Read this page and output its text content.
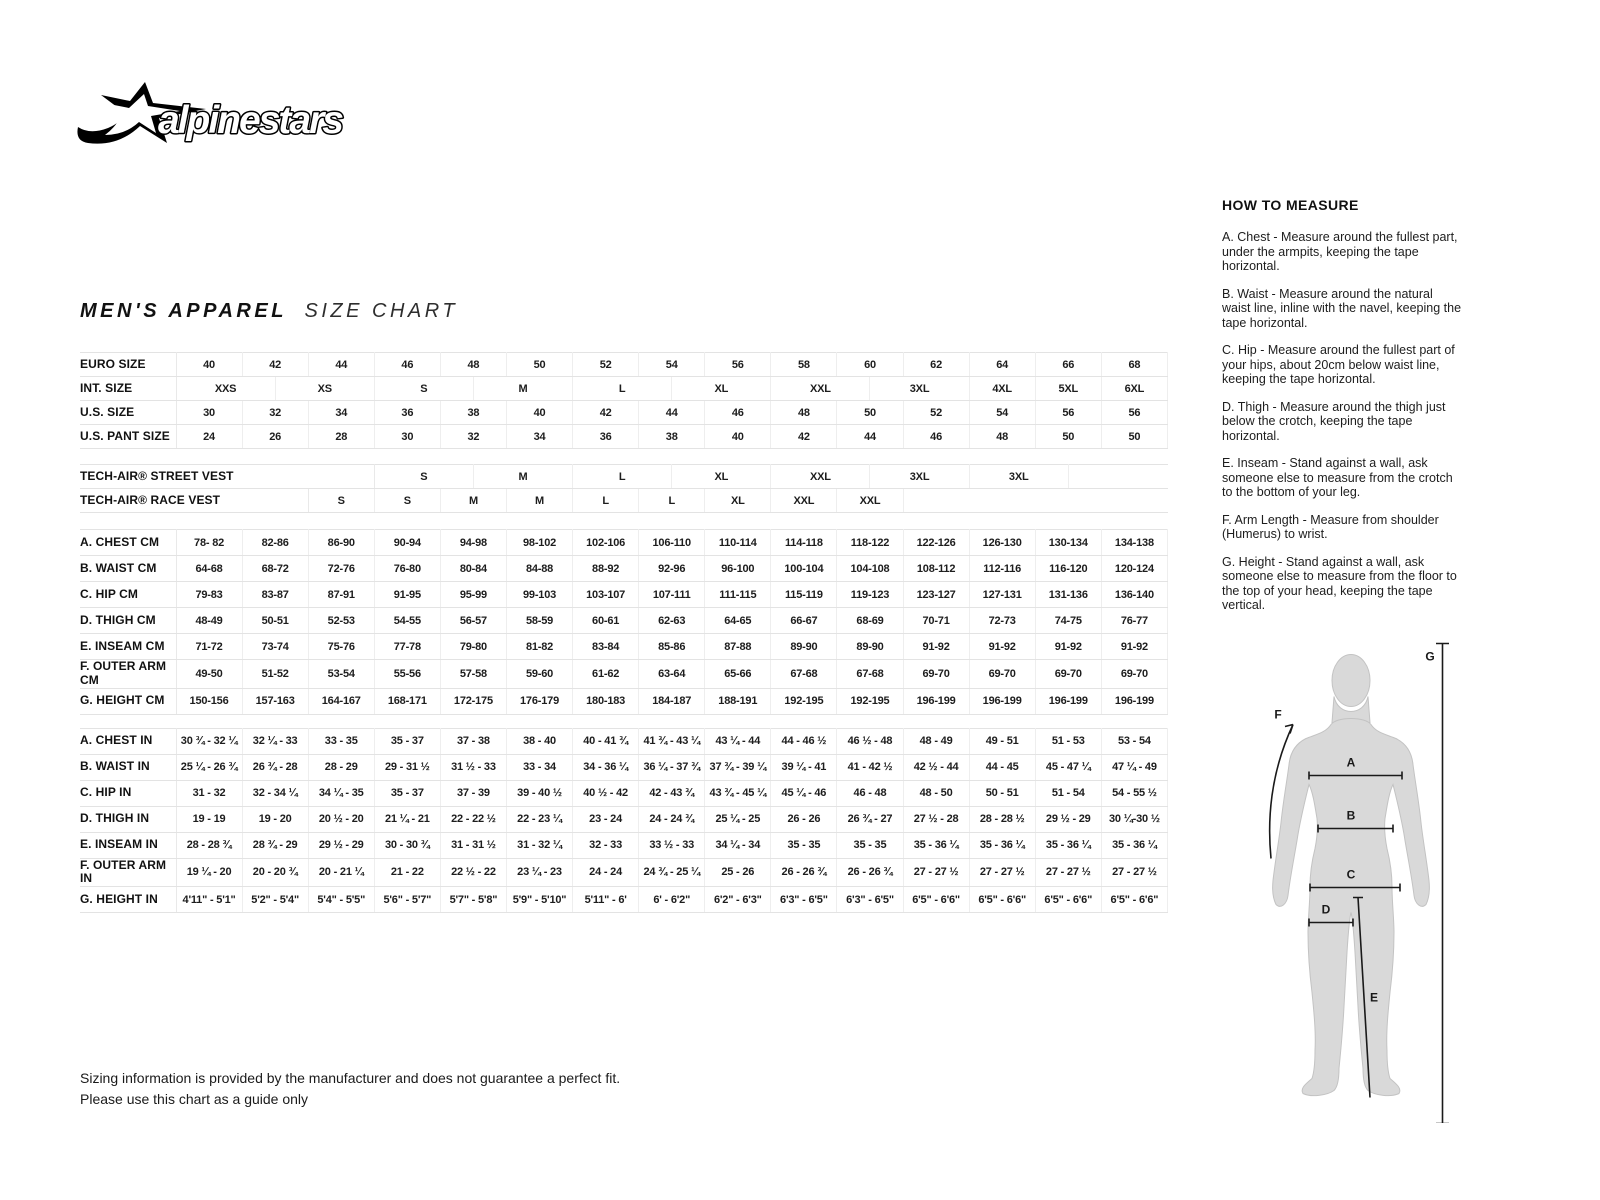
alpinestars
MEN'S APPAREL SIZE CHART
EURO SIZE	40	42		44	46	48		50	52	54		56	58	60		62	64	66		68
INT. SIZE	XXS		XS		S		M		L		XL		XXL		3XL		4XL	5XL		6XL
U.S. SIZE	30	32		34	36	38		40	42	44		46	48	50		52	54	56		56
U.S. PANT SIZE	24	26		28	30	32		34	36	38		40	42	44		46	48	50		50

TECH-AIR® STREET VEST					S		M		L		XL		XXL		3XL		3XL			
TECH-AIR® RACE VEST				S	S	M		M	L	L		XL	XXL	XXL						

A. CHEST CM	78- 82	82-86		86-90	90-94	94-98		98-102	102-106	106-110		110-114	114-118	118-122		122-126	126-130	130-134		134-138
B. WAIST CM	64-68	68-72		72-76	76-80	80-84		84-88	88-92	92-96		96-100	100-104	104-108		108-112	112-116	116-120		120-124
C. HIP CM	79-83	83-87		87-91	91-95	95-99		99-103	103-107	107-111		111-115	115-119	119-123		123-127	127-131	131-136		136-140
D. THIGH CM	48-49	50-51		52-53	54-55	56-57		58-59	60-61	62-63		64-65	66-67	68-69		70-71	72-73	74-75		76-77
E. INSEAM CM	71-72	73-74		75-76	77-78	79-80		81-82	83-84	85-86		87-88	89-90	89-90		91-92	91-92	91-92		91-92
F. OUTER ARM CM	49-50	51-52		53-54	55-56	57-58		59-60	61-62	63-64		65-66	67-68	67-68		69-70	69-70	69-70		69-70
G. HEIGHT CM	150-156	157-163		164-167	168-171	172-175		176-179	180-183	184-187		188-191	192-195	192-195		196-199	196-199	196-199		196-199

A. CHEST IN	30 ¾ - 32 ¼	32 ¼ - 33		33 - 35	35 - 37	37 - 38		38 - 40	40 - 41 ¾	41 ¾ - 43 ¼		43 ¼ - 44	44 - 46 ½	46 ½ - 48		48 - 49	49 - 51	51 - 53		53 - 54
B. WAIST IN	25 ¼ - 26 ¾	26 ¾ - 28		28 - 29	29 - 31 ½	31 ½ - 33		33 - 34	34 - 36 ¼	36 ¼ - 37 ¾		37 ¾ - 39 ¼	39 ¼ - 41	41 - 42 ½		42 ½ - 44	44 - 45	45 - 47 ¼		47 ¼ - 49
C. HIP IN	31 - 32	32 - 34 ¼		34 ¼ - 35	35 - 37	37 - 39		39 - 40 ½	40 ½ - 42	42 - 43 ¾		43 ¾ - 45 ¼	45 ¼ - 46	46 - 48		48 - 50	50 - 51	51 - 54		54 - 55 ½
D. THIGH IN	19 - 19	19 - 20		20 ½ - 20	21 ¼ - 21	22 - 22 ½		22 - 23 ¼	23 - 24	24 - 24 ¾		25 ¼ - 25	26 - 26	26 ¾ - 27		27 ½ - 28	28 - 28 ½	29 ½ - 29		30 ¼-30 ½
E. INSEAM IN	28 - 28 ¾	28 ¾ - 29		29 ½ - 29	30 - 30 ¾	31 - 31 ½		31 - 32 ¼	32 - 33	33 ½ - 33		34 ¼ - 34	35 - 35	35 - 35		35 - 36 ¼	35 - 36 ¼	35 - 36 ¼		35 - 36 ¼
F. OUTER ARM IN	19 ¼ - 20	20 - 20 ¾		20 - 21 ¼	21 - 22	22 ½ - 22		23 ¼ - 23	24 - 24	24 ¾ - 25 ¼		25 - 26	26 - 26 ¾	26 - 26 ¾		27 - 27 ½	27 - 27 ½	27 - 27 ½		27 - 27 ½
G. HEIGHT IN	4'11" - 5'1"	5'2" - 5'4"		5'4" - 5'5"	5'6" - 5'7"	5'7" - 5'8"		5'9" - 5'10"	5'11" - 6'	6' - 6'2"		6'2" - 6'3"	6'3" - 6'5"	6'3" - 6'5"		6'5" - 6'6"	6'5" - 6'6"	6'5" - 6'6"		6'5" - 6'6"
HOW TO MEASURE

A. Chest - Measure around the fullest part, under the armpits, keeping the tape horizontal.

B. Waist - Measure around the natural waist line, inline with the navel, keeping the tape horizontal.

C. Hip - Measure around the fullest part of your hips, about 20cm below waist line, keeping the tape horizontal.

D. Thigh - Measure around the thigh just below the crotch, keeping the tape horizontal.

E. Inseam - Stand against a wall, ask someone else to measure from the crotch to the bottom of your leg.

F. Arm Length - Measure from shoulder (Humerus) to wrist.

G. Height - Stand against a wall, ask someone else to measure from the floor to the top of your head, keeping the tape vertical.

A
B
C
D
E
F
G
Sizing information is provided by the manufacturer and does not guarantee a perfect fit.
Please use this chart as a guide only
